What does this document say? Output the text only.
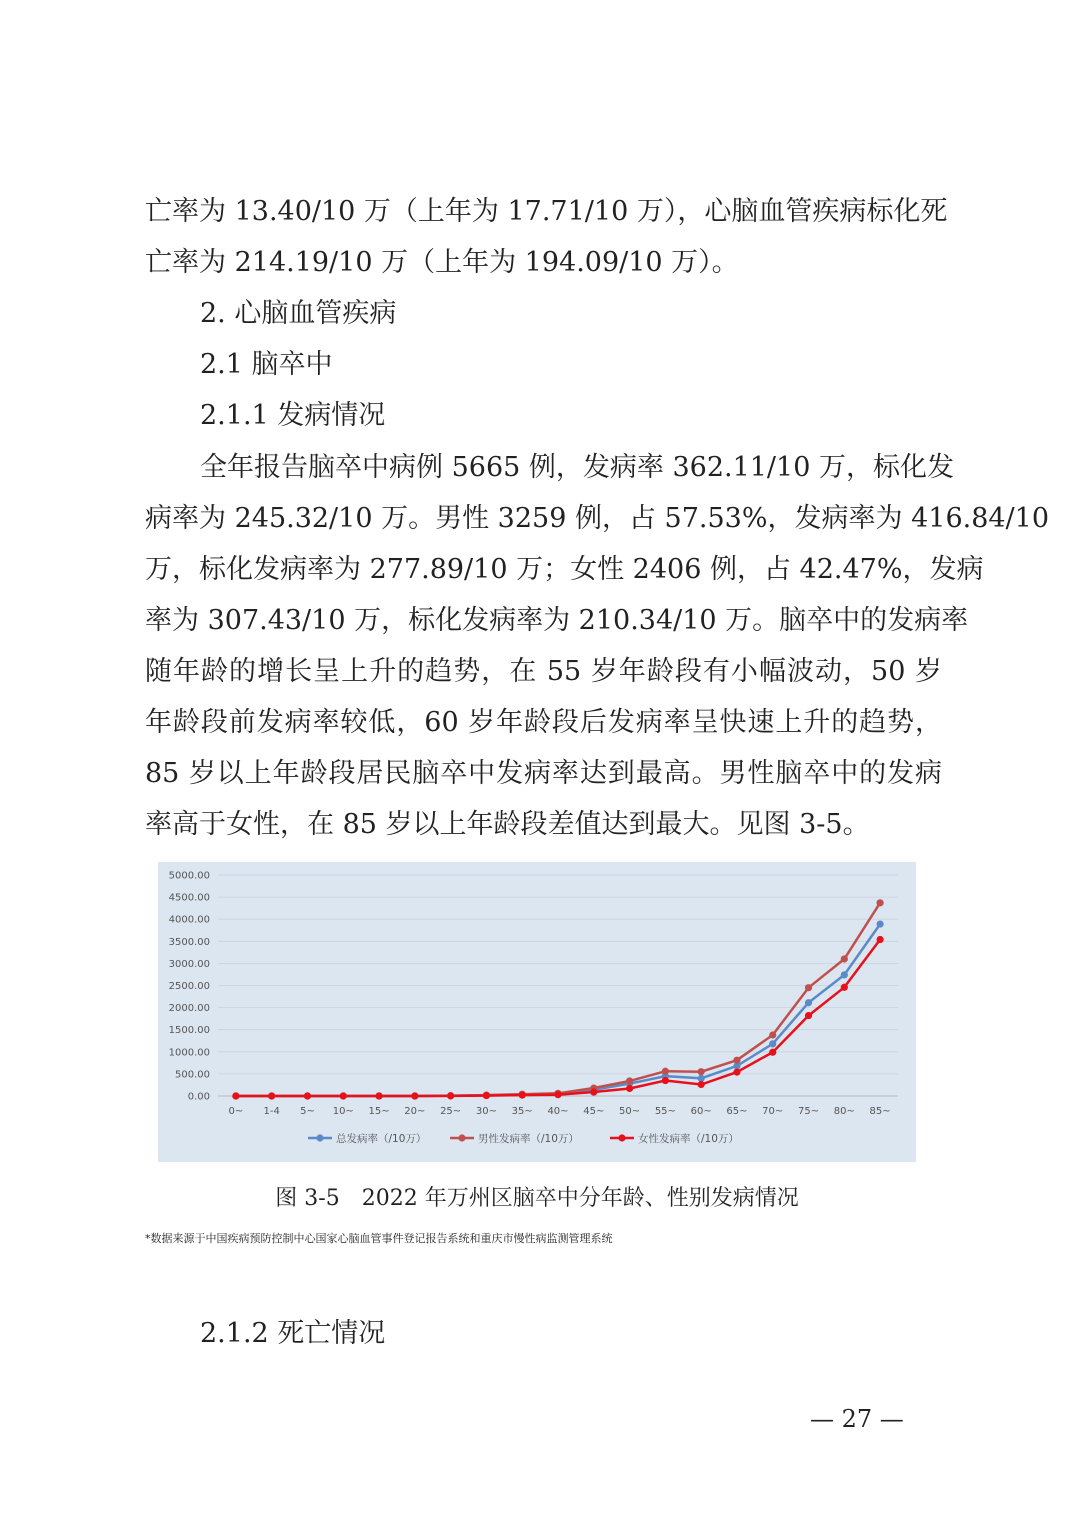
亡率为 13.40/10 万（上年为 17.71/10 万），心脑血管疾病标化死
亡率为 214.19/10 万（上年为 194.09/10 万）。
2. 心脑血管疾病
2.1 脑卒中
2.1.1 发病情况
全年报告脑卒中病例 5665 例，发病率 362.11/10 万，标化发
病率为 245.32/10 万。男性 3259 例，占 57.53%，发病率为 416.84/10
万，标化发病率为 277.89/10 万；女性 2406 例，占 42.47%，发病
率为 307.43/10 万，标化发病率为 210.34/10 万。脑卒中的发病率
随年龄的增长呈上升的趋势，在 55 岁年龄段有小幅波动，50 岁
年龄段前发病率较低，60 岁年龄段后发病率呈快速上升的趋势，
85 岁以上年龄段居民脑卒中发病率达到最高。男性脑卒中的发病
率高于女性，在 85 岁以上年龄段差值达到最大。见图 3-5。
0.00
500.00
1000.00
1500.00
2000.00
2500.00
3000.00
3500.00
4000.00
4500.00
5000.00
0~ 1-4 5~ 10~ 15~ 20~ 25~ 30~ 35~ 40~ 45~ 50~ 55~ 60~ 65~ 70~ 75~ 80~ 85~
总发病率（/10万）	男性发病率（/10万）	女性发病率（/10万）
图 3-5　2022 年万州区脑卒中分年龄、性别发病情况
*数据来源于中国疾病预防控制中心国家心脑血管事件登记报告系统和重庆市慢性病监测管理系统
2.1.2 死亡情况
— 27 —
